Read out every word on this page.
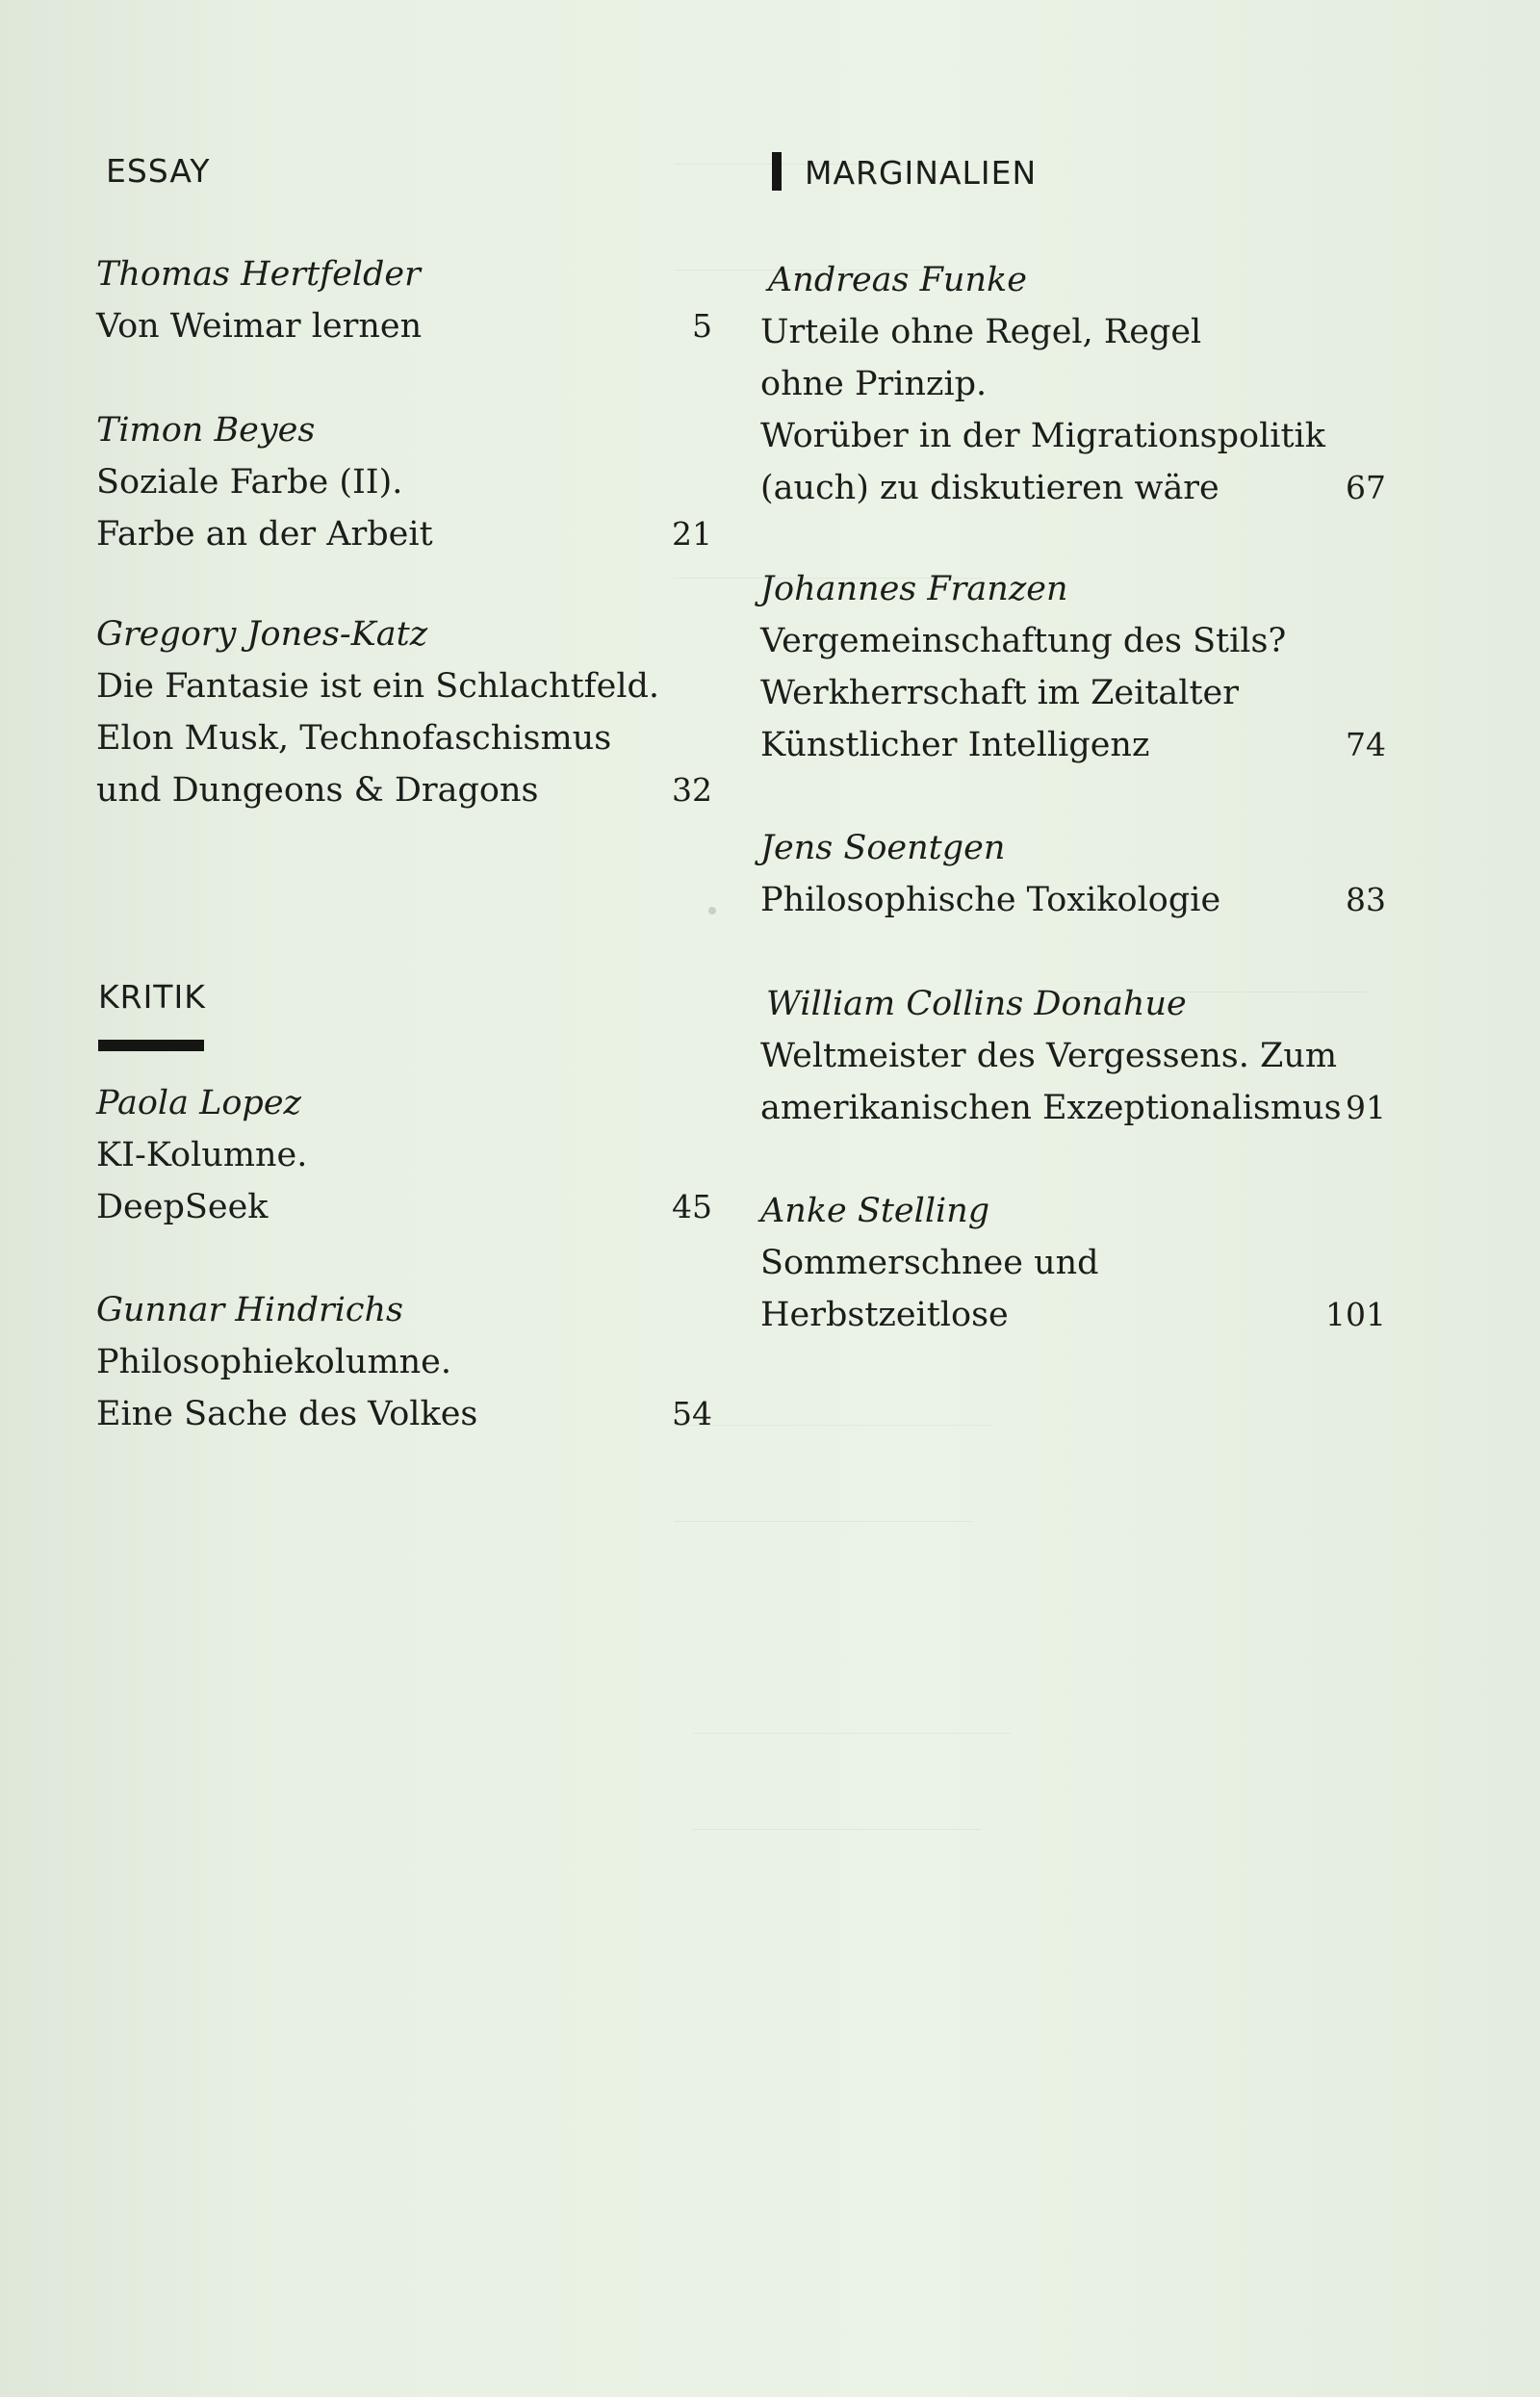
ESSAY
Thomas Hertfelder
Von Weimar lernen	5
Timon Beyes
Soziale Farbe (II).
Farbe an der Arbeit	21
Gregory Jones-Katz
Die Fantasie ist ein Schlachtfeld.
Elon Musk, Technofaschismus
und Dungeons & Dragons	32
KRITIK
Paola Lopez
KI-Kolumne.
DeepSeek	45
Gunnar Hindrichs
Philosophiekolumne.
Eine Sache des Volkes	54
MARGINALIEN
Andreas Funke
Urteile ohne Regel, Regel
ohne Prinzip.
Worüber in der Migrationspolitik
(auch) zu diskutieren wäre	67
Johannes Franzen
Vergemeinschaftung des Stils?
Werkherrschaft im Zeitalter
Künstlicher Intelligenz	74
Jens Soentgen
Philosophische Toxikologie	83
William Collins Donahue
Weltmeister des Vergessens. Zum
amerikanischen Exzeptionalismus 91
Anke Stelling
Sommerschnee und
Herbstzeitlose	101
